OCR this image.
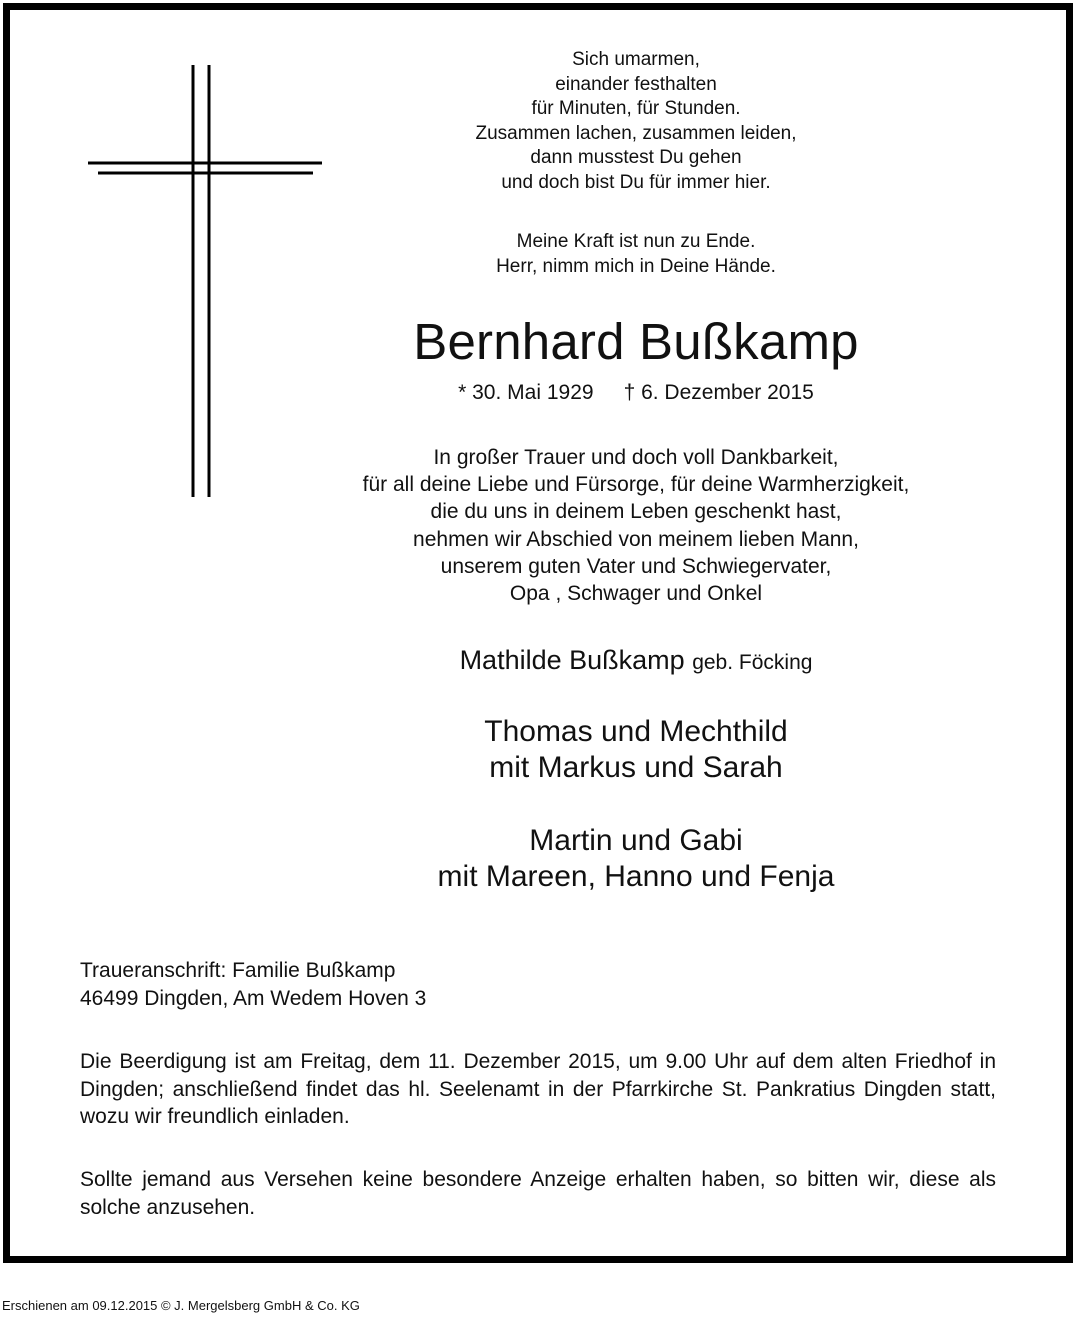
Sich umarmen,

einander festhalten

für Minuten, für Stunden.

Zusammen lachen, zusammen leiden,

dann musstest Du gehen

und doch bist Du für immer hier.

Meine Kraft ist nun zu Ende.

Herr, nimm mich in Deine Hände.

Bernhard Bußkamp
* 30. Mai 1929 † 6. Dezember 2015

In großer Trauer und doch voll Dankbarkeit,

für all deine Liebe und Fürsorge, für deine Warmherzigkeit,

die du uns in deinem Leben geschenkt hast,

nehmen wir Abschied von meinem lieben Mann,

unserem guten Vater und Schwiegervater,

Opa , Schwager und Onkel

Mathilde Bußkamp geb. Föcking

Thomas und Mechthild

mit Markus und Sarah

Martin und Gabi

mit Mareen, Hanno und Fenja

Traueranschrift: Familie Bußkamp

46499 Dingden, Am Wedem Hoven 3

Die Beerdigung ist am Freitag, dem 11. Dezember 2015, um 9.00 Uhr auf dem alten Friedhof in Dingden; anschließend findet das hl. Seelenamt in der Pfarrkirche St. Pankratius Dingden statt, wozu wir freundlich einladen.

Sollte jemand aus Versehen keine besondere Anzeige erhalten haben, so bitten wir, diese als solche anzusehen.

Erschienen am 09.12.2015 © J. Mergelsberg GmbH & Co. KG
